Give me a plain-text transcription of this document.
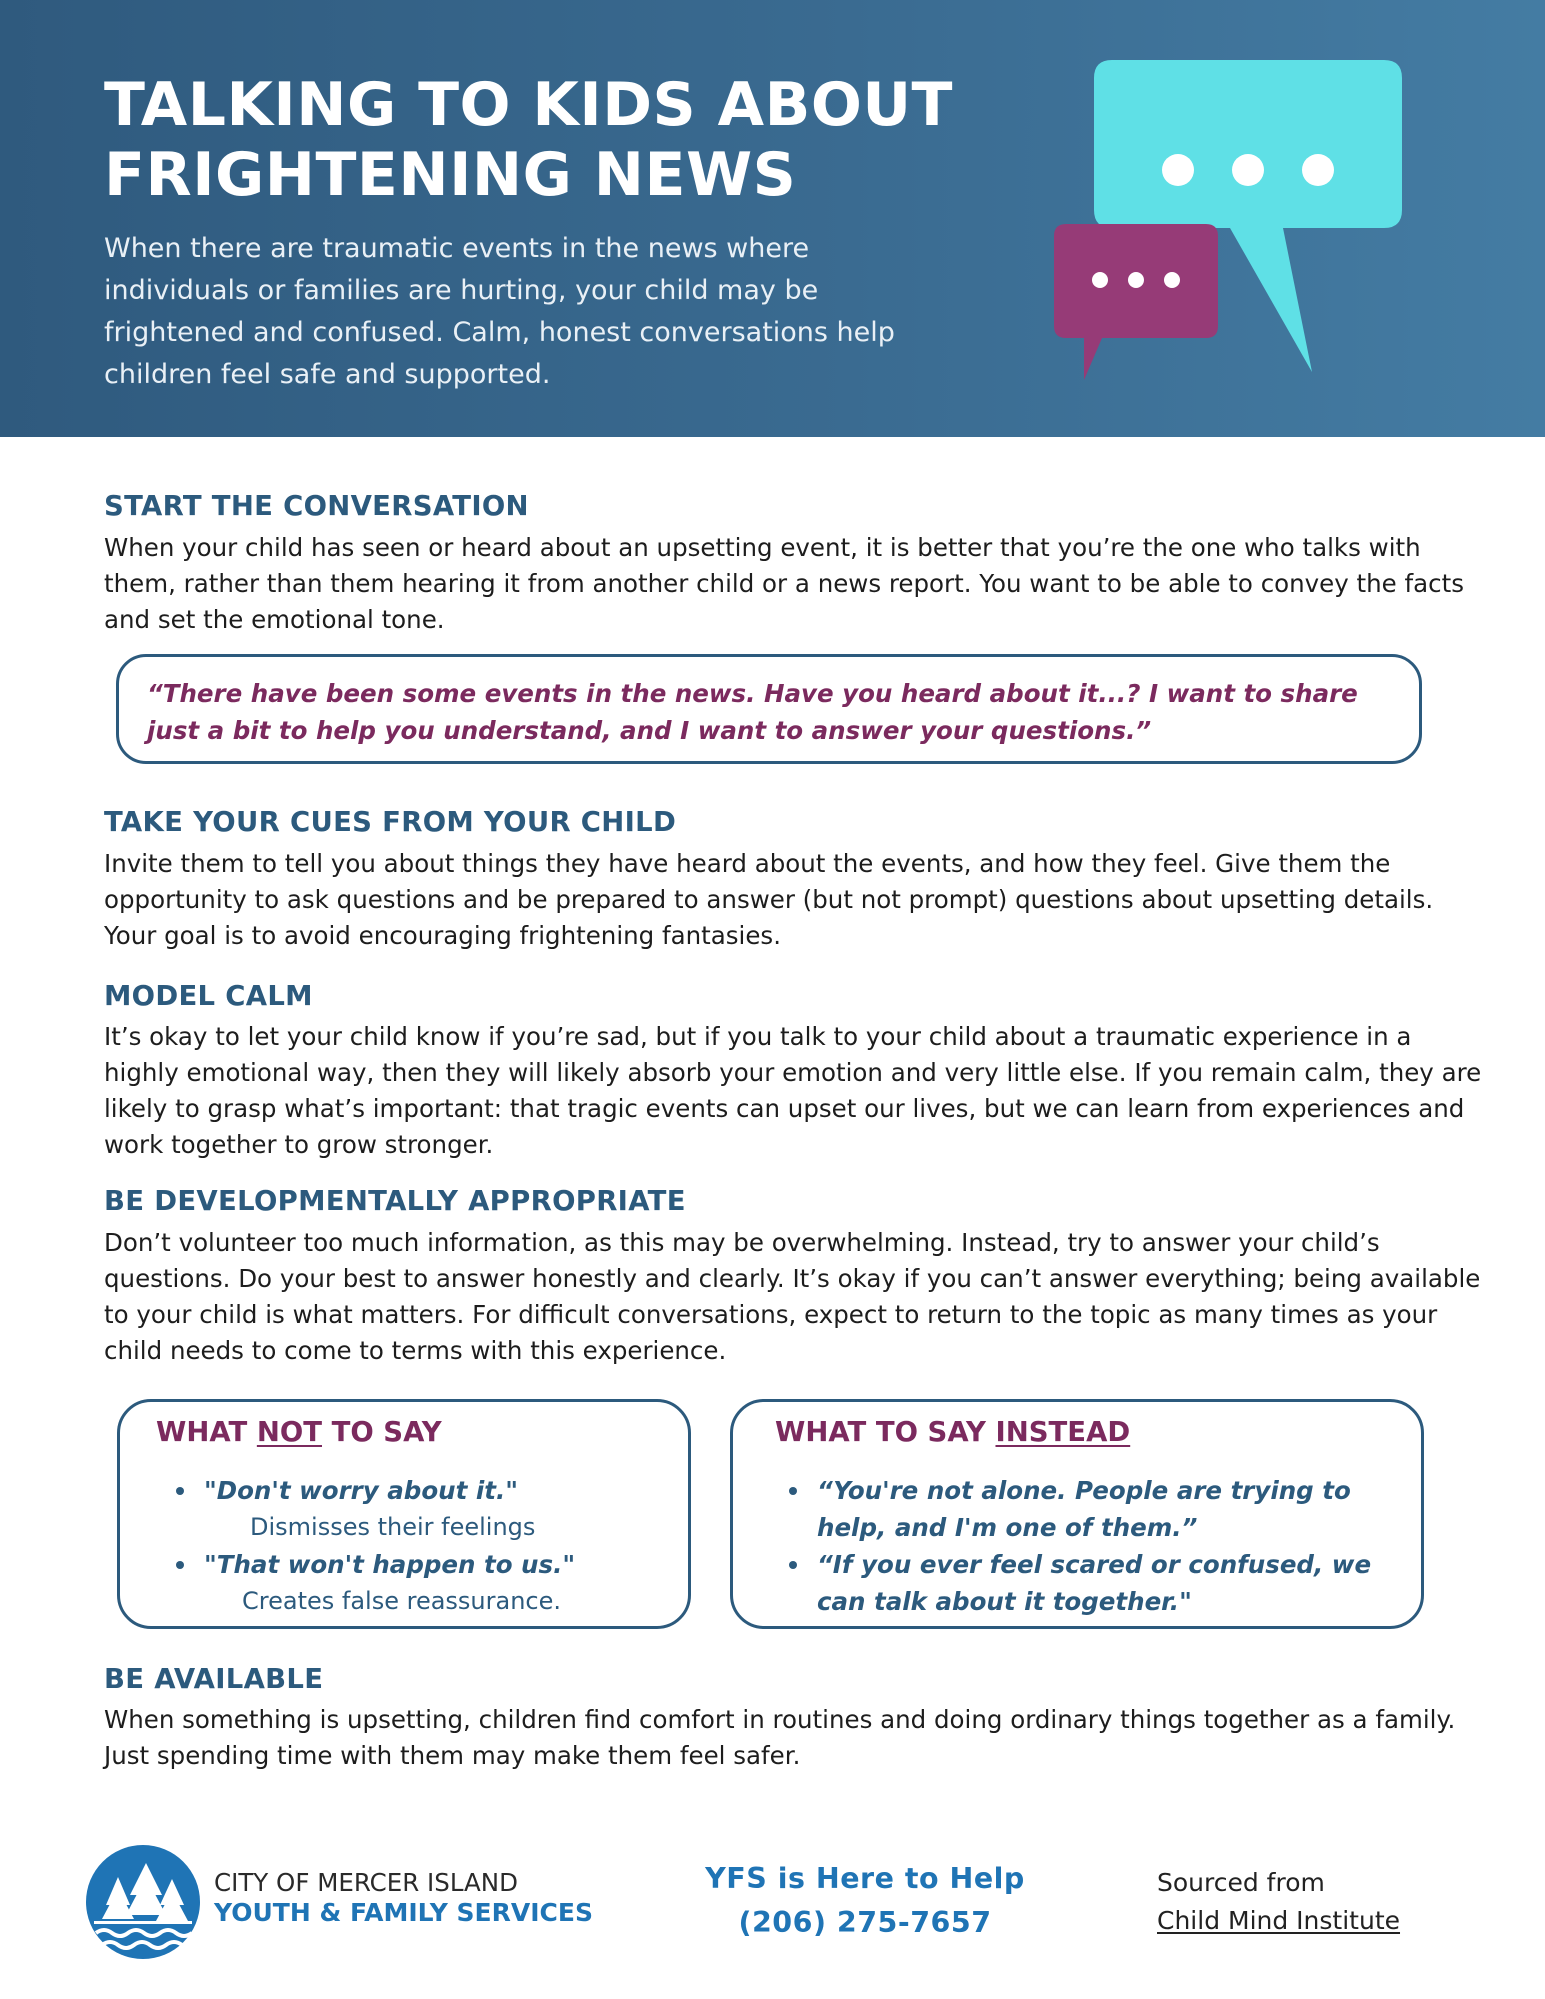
TALKING TO KIDS ABOUT FRIGHTENING NEWS

When there are traumatic events in the news where individuals or families are hurting, your child may be frightened and confused. Calm, honest conversations help children feel safe and supported.

START THE CONVERSATION

When your child has seen or heard about an upsetting event, it is better that you’re the one who talks with them, rather than them hearing it from another child or a news report. You want to be able to convey the facts and set the emotional tone.

“There have been some events in the news. Have you heard about it...? I want to share just a bit to help you understand, and I want to answer your questions.”

TAKE YOUR CUES FROM YOUR CHILD

Invite them to tell you about things they have heard about the events, and how they feel. Give them the opportunity to ask questions and be prepared to answer (but not prompt) questions about upsetting details. Your goal is to avoid encouraging frightening fantasies.

MODEL CALM

It’s okay to let your child know if you’re sad, but if you talk to your child about a traumatic experience in a highly emotional way, then they will likely absorb your emotion and very little else. If you remain calm, they are likely to grasp what’s important: that tragic events can upset our lives, but we can learn from experiences and work together to grow stronger.

BE DEVELOPMENTALLY APPROPRIATE

Don’t volunteer too much information, as this may be overwhelming. Instead, try to answer your child’s questions. Do your best to answer honestly and clearly. It’s okay if you can’t answer everything; being available to your child is what matters. For difficult conversations, expect to return to the topic as many times as your child needs to come to terms with this experience.

WHAT NOT TO SAY
"Don't worry about it."
Dismisses their feelings
"That won't happen to us."
Creates false reassurance.
WHAT TO SAY INSTEAD
“You're not alone. People are trying to help, and I'm one of them.”
“If you ever feel scared or confused, we can talk about it together."
BE AVAILABLE

When something is upsetting, children find comfort in routines and doing ordinary things together as a family. Just spending time with them may make them feel safer.

CITY OF MERCER ISLAND

YOUTH & FAMILY SERVICES

YFS is Here to Help
(206) 275-7657
Sourced from
Child Mind Institute
